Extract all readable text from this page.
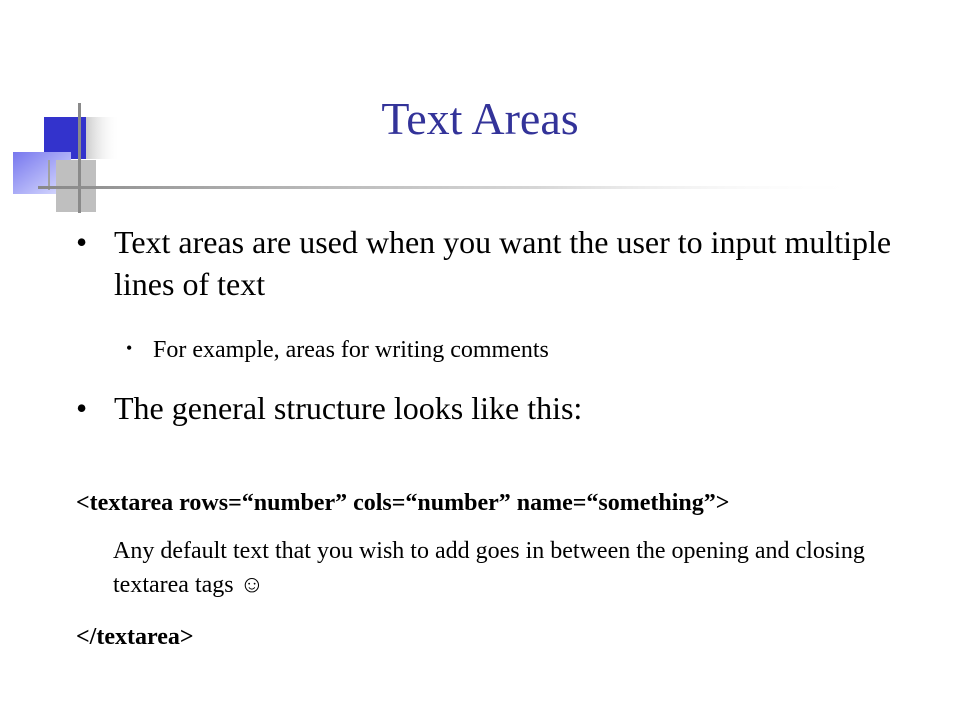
Text Areas
• Text areas are used when you want the user to input multiple lines of text
• For example, areas for writing comments
• The general structure looks like this:
<textarea rows=“number” cols=“number” name=“something”>
Any default text that you wish to add goes in between the opening and closing textarea tags ☺
</textarea>
